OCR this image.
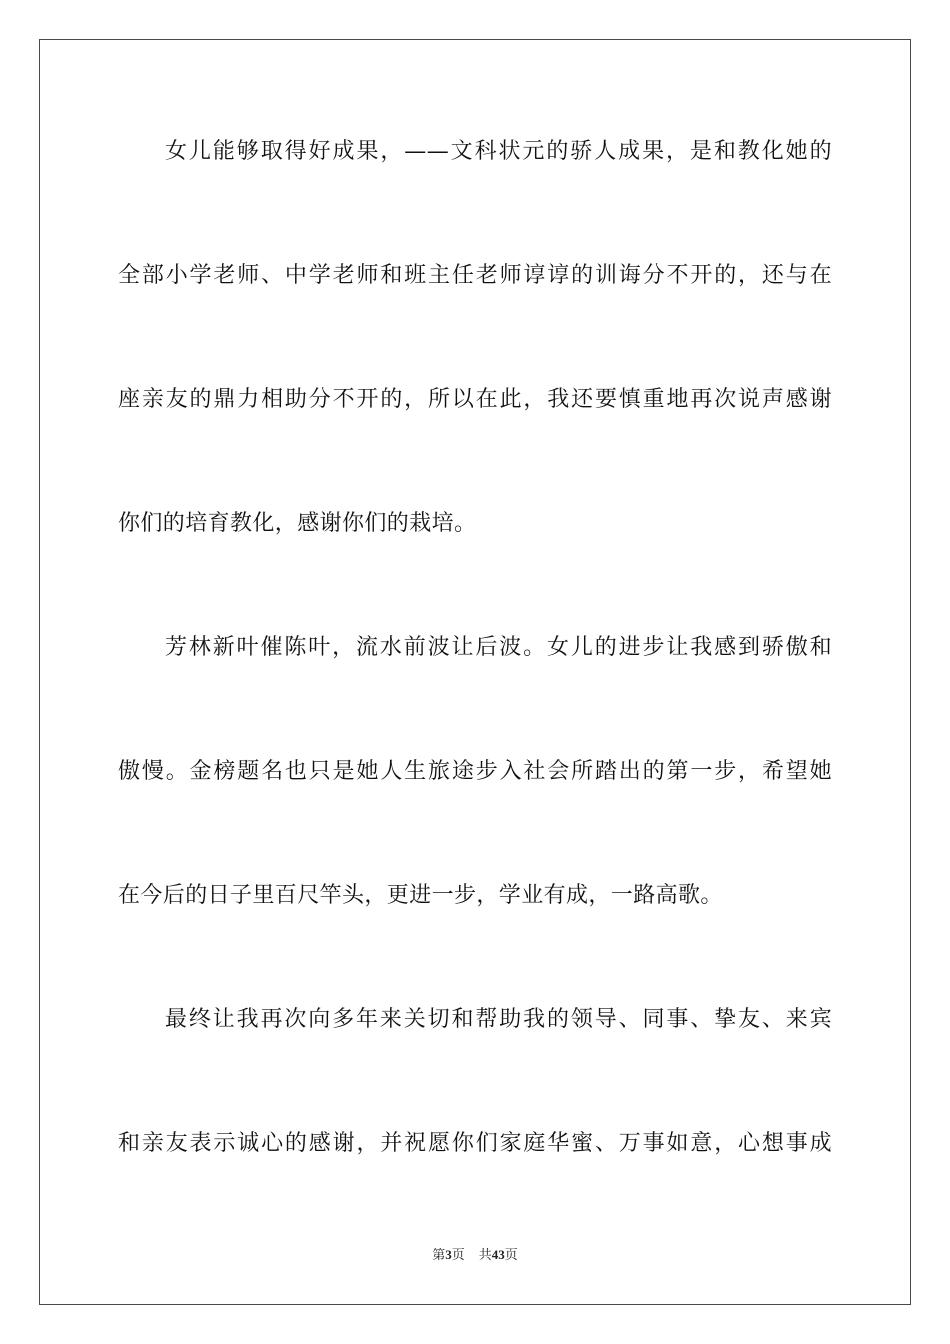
女儿能够取得好成果，——文科状元的骄人成果，是和教化她的
全部小学老师、中学老师和班主任老师谆谆的训诲分不开的，还与在
座亲友的鼎力相助分不开的，所以在此，我还要慎重地再次说声感谢
你们的培育教化，感谢你们的栽培。
芳林新叶催陈叶，流水前波让后波。女儿的进步让我感到骄傲和
傲慢。金榜题名也只是她人生旅途步入社会所踏出的第一步，希望她
在今后的日子里百尺竿头，更进一步，学业有成，一路高歌。
最终让我再次向多年来关切和帮助我的领导、同事、挚友、来宾
和亲友表示诚心的感谢，并祝愿你们家庭华蜜、万事如意，心想事成
第3页 共43页
